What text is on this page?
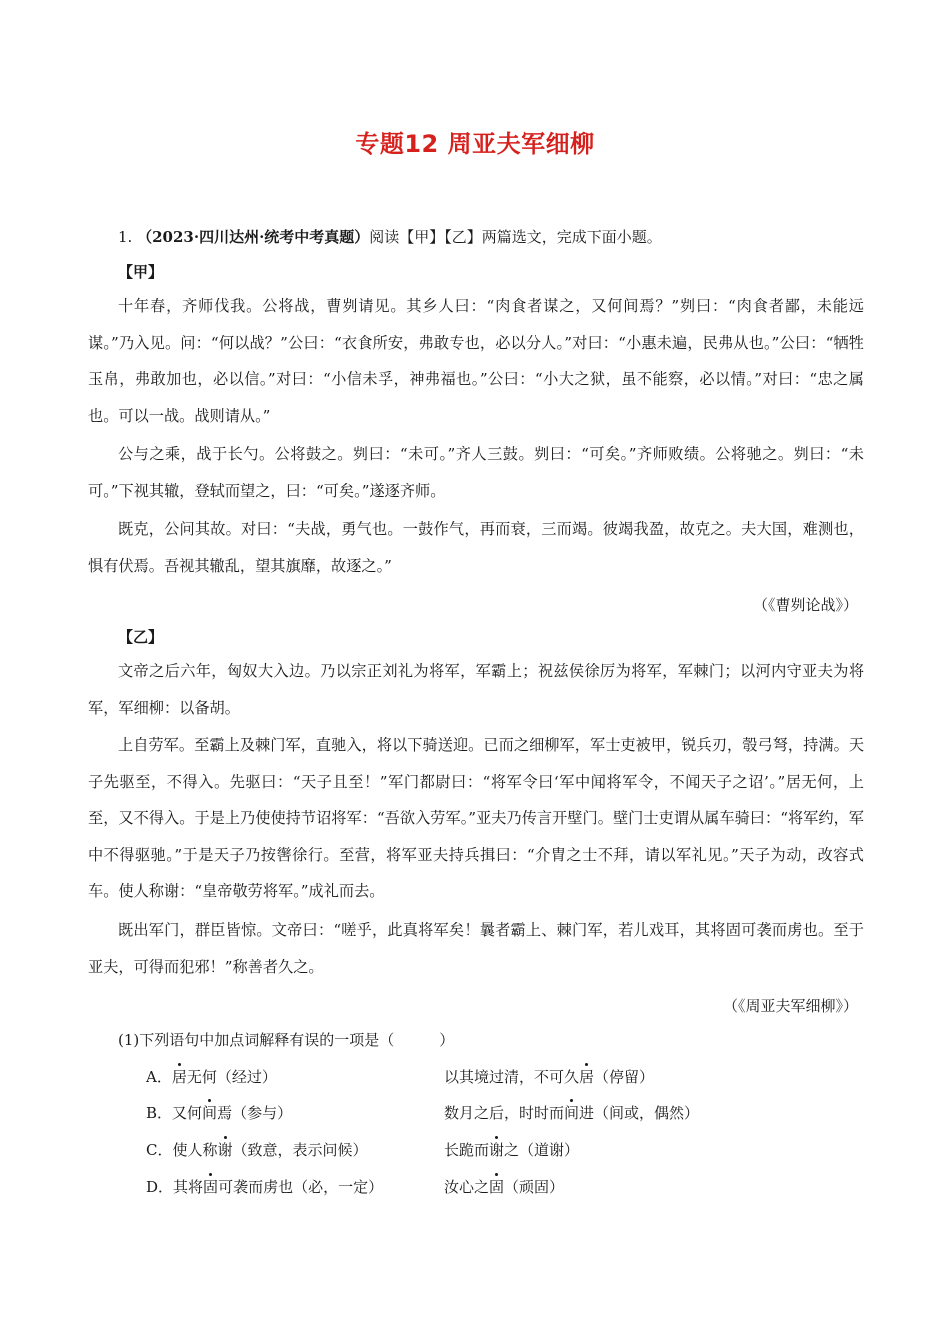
专题12 周亚夫军细柳
1. （2023·四川达州·统考中考真题）阅读【甲】【乙】两篇选文，完成下面小题。
【甲】
十年春，齐师伐我。公将战，曹刿请见。其乡人曰：“肉食者谋之，又何间焉？”刿曰：“肉食者鄙，未能远谋。”乃入见。问：“何以战？”公曰：“衣食所安，弗敢专也，必以分人。”对曰：“小惠未遍，民弗从也。”公曰：“牺牲玉帛，弗敢加也，必以信。”对曰：“小信未孚，神弗福也。”公曰：“小大之狱，虽不能察，必以情。”对曰：“忠之属也。可以一战。战则请从。”
公与之乘，战于长勺。公将鼓之。刿曰：“未可。”齐人三鼓。刿曰：“可矣。”齐师败绩。公将驰之。刿曰：“未可。”下视其辙，登轼而望之，曰：“可矣。”遂逐齐师。
既克，公问其故。对曰：“夫战，勇气也。一鼓作气，再而衰，三而竭。彼竭我盈，故克之。夫大国，难测也，惧有伏焉。吾视其辙乱，望其旗靡，故逐之。”
（《曹刿论战》）
【乙】
文帝之后六年，匈奴大入边。乃以宗正刘礼为将军，军霸上；祝兹侯徐厉为将军，军棘门；以河内守亚夫为将军，军细柳：以备胡。
上自劳军。至霸上及棘门军，直驰入，将以下骑送迎。已而之细柳军，军士吏被甲，锐兵刃，彀弓弩，持满。天子先驱至，不得入。先驱曰：“天子且至！”军门都尉曰：“将军令曰‘军中闻将军令，不闻天子之诏’。”居无何，上至，又不得入。于是上乃使使持节诏将军：“吾欲入劳军。”亚夫乃传言开壁门。壁门士吏谓从属车骑曰：“将军约，军中不得驱驰。”于是天子乃按辔徐行。至营，将军亚夫持兵揖曰：“介胄之士不拜，请以军礼见。”天子为动，改容式车。使人称谢：“皇帝敬劳将军。”成礼而去。
既出军门，群臣皆惊。文帝曰：“嗟乎，此真将军矣！曩者霸上、棘门军，若儿戏耳，其将固可袭而虏也。至于亚夫，可得而犯邪！”称善者久之。
（《周亚夫军细柳》）
(1)下列语句中加点词解释有误的一项是（　　　）
A．居无何（经过）	以其境过清，不可久居（停留）
B．又何间焉（参与）	数月之后，时时而间进（间或，偶然）
C．使人称谢（致意，表示问候）	长跪而谢之（道谢）
D．其将固可袭而虏也（必，一定）	汝心之固（顽固）
